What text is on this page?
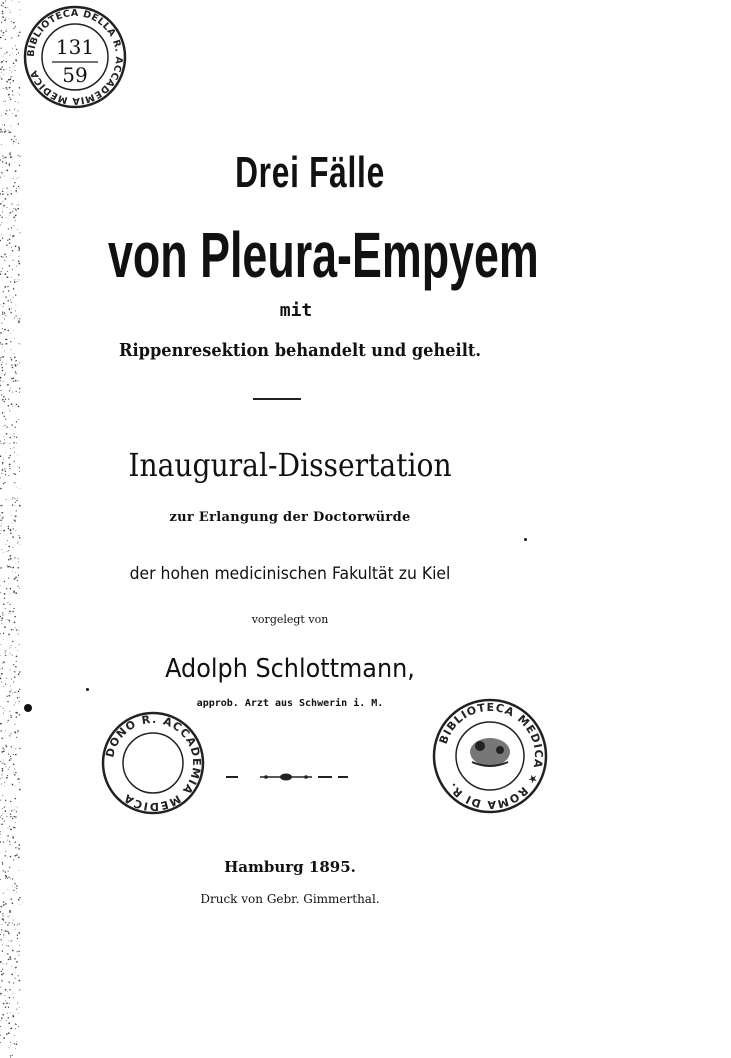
BIBLIOTECA DELLA R. ACCADEMIA MEDICA
131
59
Drei Fälle
von Pleura-Empyem
mit
Rippenresektion behandelt und geheilt.
Inaugural-Dissertation
zur Erlangung der Doctorwürde
der hohen medicinischen Fakultät zu Kiel
vorgelegt von
Adolph Schlottmann,
approb. Arzt aus Schwerin i. M.
DONO R. ACCADEMIA MEDICA
BIBLIOTECA MEDICA ★ ROMA DI R.
Hamburg 1895.
Druck von Gebr. Gimmerthal.
